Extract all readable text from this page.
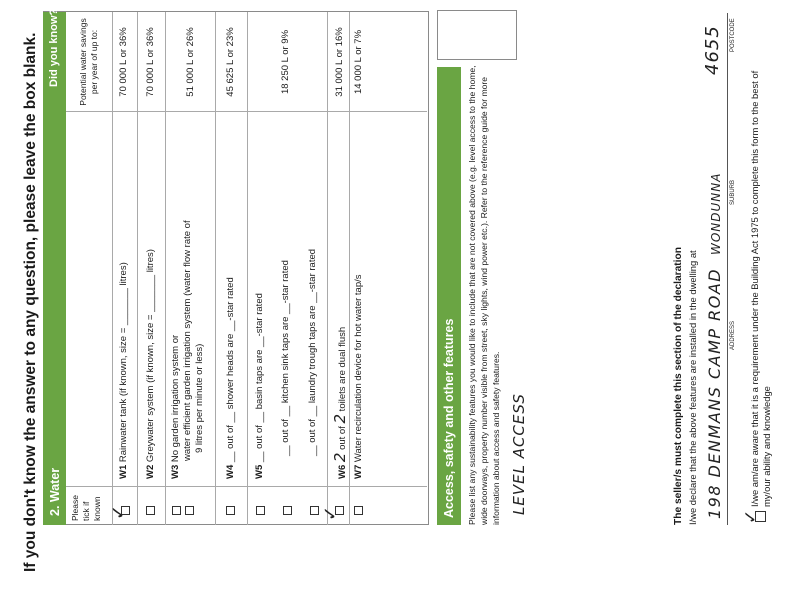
If you don't know the answer to any question, please leave the box blank. 2. Water
Did you know?
Please tick if known
Potential water savings per year of up to:
✓
W1 Rainwater tank (if known, size = _______ litres)
70 000 L or 36%
W2 Greywater system (if known, size = _______ litres)
70 000 L or 36%
W3 No garden irrigation system or water efficient garden irrigation system (water flow rate of 9 litres per minute or less)
51 000 L or 26%
W4 __ out of __ shower heads are __-star rated
45 625 L or 23%
W5 __ out of __ basin taps are __-star rated __ out of __ kitchen sink taps are __-star rated __ out of __ laundry trough taps are __-star rated
18 250 L or 9%
✓
W6 2 out of 2 toilets are dual flush
31 000 L or 16%
W7 Water recirculation device for hot water tap/s
14 000 L or 7%
Access, safety and other features Please list any sustainability features you would like to include that are not covered above (e.g. level access to the home, wide doorways, property number visible from street, sky lights, wind power etc.). Refer to the reference guide for more information about access and safety features. LEVEL ACCESS	The seller/s must complete this section of the declaration I/we declare that the above features are installed in the dwelling at 198 DENMANS CAMP ROAD
WONDUNNA
4655
ADDRESS
SUBURB
POSTCODE
✓
I/we am/are aware that it is a requirement under the Building Act 1975 to complete this form to the best of my/our ability and knowledge
